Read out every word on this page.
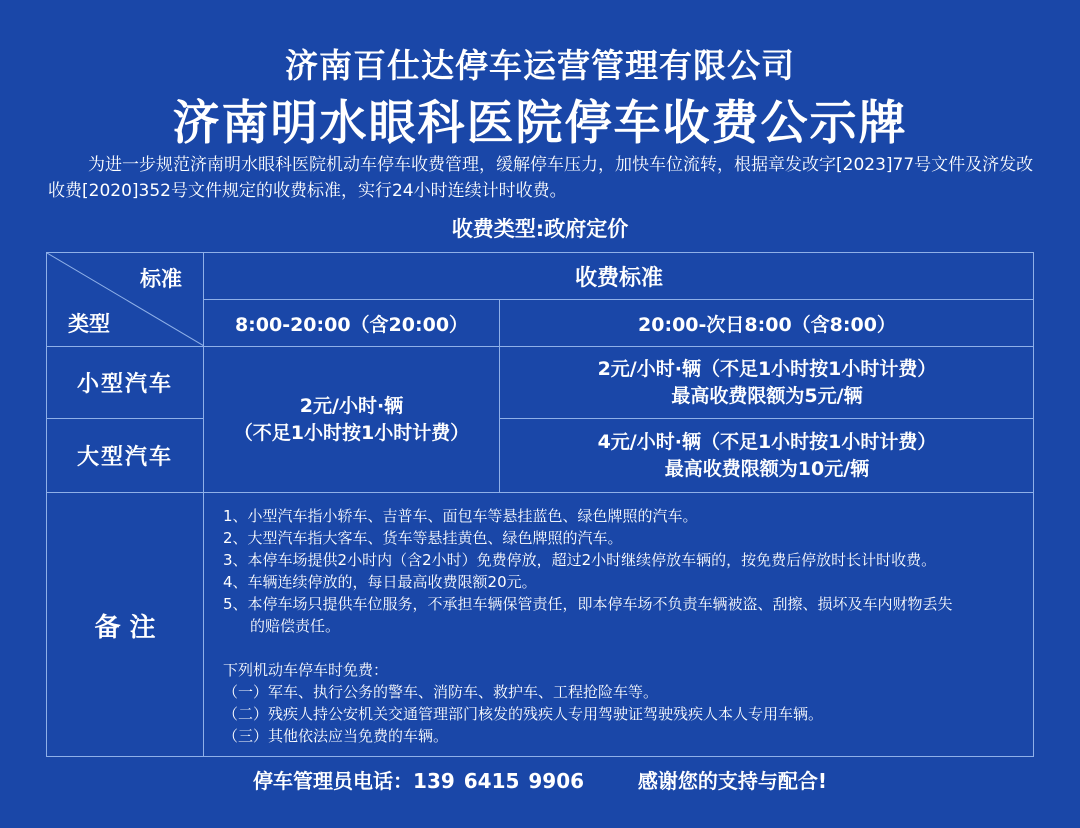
济南百仕达停车运营管理有限公司
济南明水眼科医院停车收费公示牌
为进一步规范济南明水眼科医院机动车停车收费管理，缓解停车压力，加快车位流转，根据章发改字[2023]77号文件及济发改收费[2020]352号文件规定的收费标准，实行24小时连续计时收费。
收费类型:政府定价
标准
类型
收费标准
8:00-20:00（含20:00）	20:00-次日8:00（含8:00）
小型汽车
大型汽车
2元/小时·辆
（不足1小时按1小时计费）
2元/小时·辆（不足1小时按1小时计费）
最高收费限额为5元/辆
4元/小时·辆（不足1小时按1小时计费）
最高收费限额为10元/辆
备 注
1、小型汽车指小轿车、吉普车、面包车等悬挂蓝色、绿色牌照的汽车。
2、大型汽车指大客车、货车等悬挂黄色、绿色牌照的汽车。
3、本停车场提供2小时内（含2小时）免费停放，超过2小时继续停放车辆的，按免费后停放时长计时收费。
4、车辆连续停放的，每日最高收费限额20元。
5、本停车场只提供车位服务，不承担车辆保管责任，即本停车场不负责车辆被盗、刮擦、损坏及车内财物丢失
的赔偿责任。
下列机动车停车时免费：
（一）军车、执行公务的警车、消防车、救护车、工程抢险车等。
（二）残疾人持公安机关交通管理部门核发的残疾人专用驾驶证驾驶残疾人本人专用车辆。
（三）其他依法应当免费的车辆。
停车管理员电话：139 6415 9906	感谢您的支持与配合!
